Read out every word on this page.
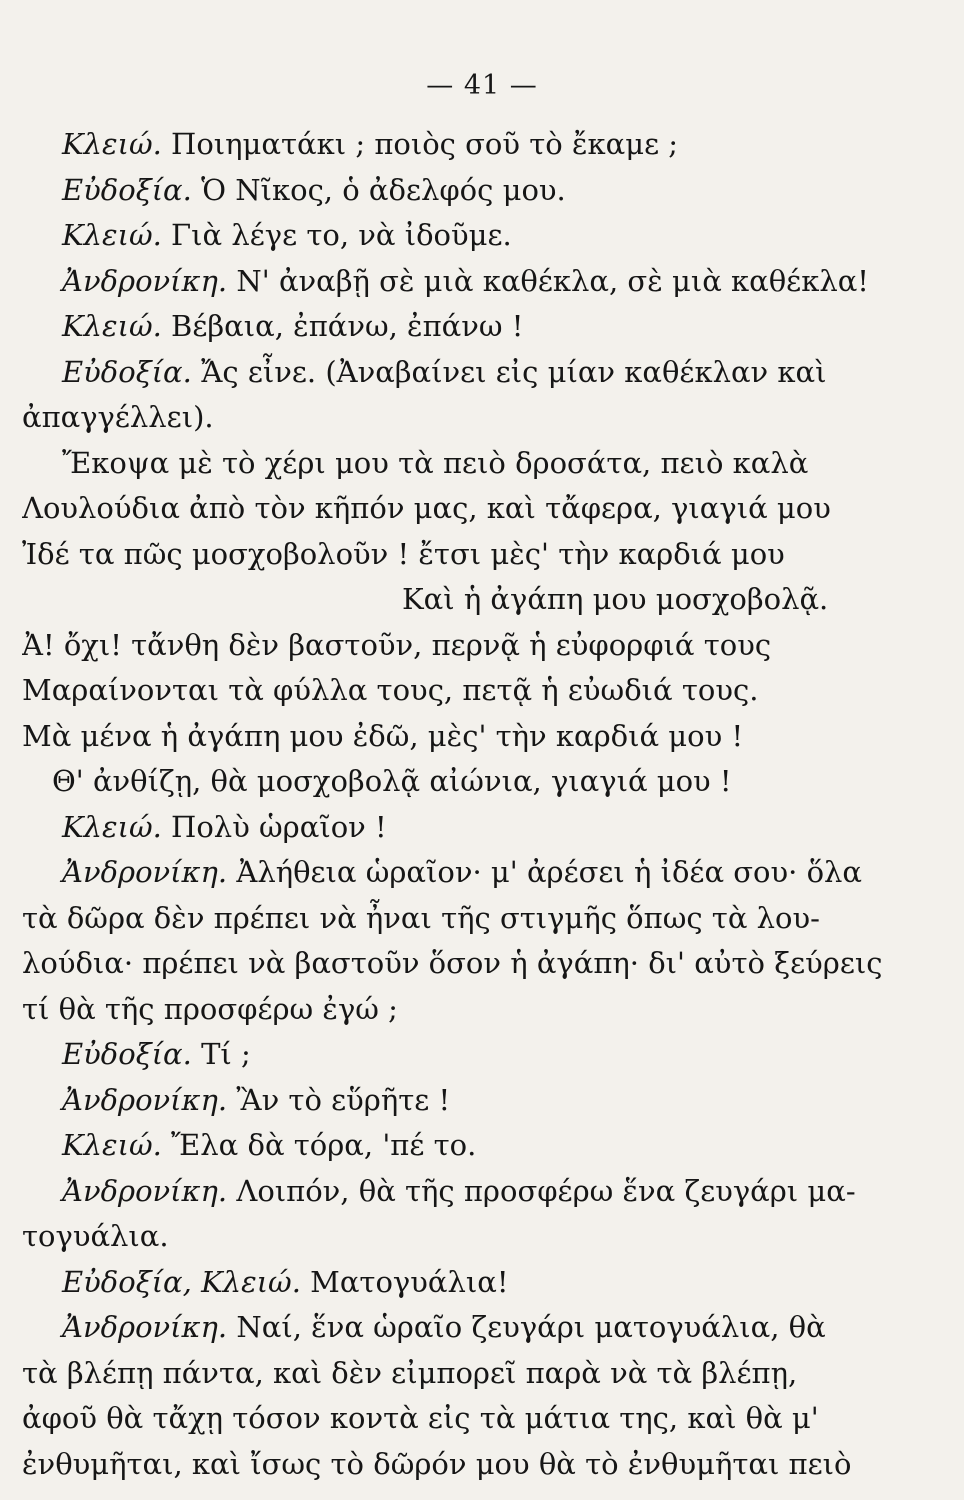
— 41 —
Κλειώ. Ποιηματάκι ; ποιὸς σοῦ τὸ ἔκαμε ;
Εὐδοξία. Ὁ Νῖκος, ὁ ἀδελφός μου.
Κλειώ. Γιὰ λέγε το, νὰ ἰδοῦμε.
Ἀνδρονίκη. Ν' ἀναβῇ σὲ μιὰ καθέκλα, σὲ μιὰ καθέκλα!
Κλειώ. Βέβαια, ἐπάνω, ἐπάνω !
Εὐδοξία. Ἄς εἶνε. (Ἀναβαίνει εἰς μίαν καθέκλαν καὶ
ἀπαγγέλλει).
Ἔκοψα μὲ τὸ χέρι μου τὰ πειὸ δροσάτα, πειὸ καλὰ
Λουλούδια ἀπὸ τὸν κῆπόν μας, καὶ τἄφερα, γιαγιά μου
Ἰδέ τα πῶς μοσχοβολοῦν ! ἔτσι μὲς' τὴν καρδιά μου
Καὶ ἡ ἀγάπη μου μοσχοβολᾷ.
Ἀ! ὄχι! τἄνθη δὲν βαστοῦν, περνᾷ ἡ εὐφορφιά τους
Μαραίνονται τὰ φύλλα τους, πετᾷ ἡ εὐωδιά τους.
Μὰ μένα ἡ ἀγάπη μου ἐδῶ, μὲς' τὴν καρδιά μου !
Θ' ἀνθίζῃ, θὰ μοσχοβολᾷ αἰώνια, γιαγιά μου !
Κλειώ. Πολὺ ὡραῖον !
Ἀνδρονίκη. Ἀλήθεια ὡραῖον· μ' ἀρέσει ἡ ἰδέα σου· ὅλα
τὰ δῶρα δὲν πρέπει νὰ ἦναι τῆς στιγμῆς ὅπως τὰ λου-
λούδια· πρέπει νὰ βαστοῦν ὅσον ἡ ἀγάπη· δι' αὐτὸ ξεύρεις
τί θὰ τῆς προσφέρω ἐγώ ;
Εὐδοξία. Τί ;
Ἀνδρονίκη. Ἂν τὸ εὕρῆτε !
Κλειώ. Ἔλα δὰ τόρα, 'πέ το.
Ἀνδρονίκη. Λοιπόν, θὰ τῆς προσφέρω ἕνα ζευγάρι μα-
τογυάλια.
Εὐδοξία, Κλειώ. Ματογυάλια!
Ἀνδρονίκη. Ναί, ἕνα ὡραῖο ζευγάρι ματογυάλια, θὰ
τὰ βλέπῃ πάντα, καὶ δὲν εἰμπορεῖ παρὰ νὰ τὰ βλέπῃ,
ἀφοῦ θὰ τἄχῃ τόσον κοντὰ εἰς τὰ μάτια της, καὶ θὰ μ'
ἐνθυμῆται, καὶ ἴσως τὸ δῶρόν μου θὰ τὸ ἐνθυμῆται πειὸ
